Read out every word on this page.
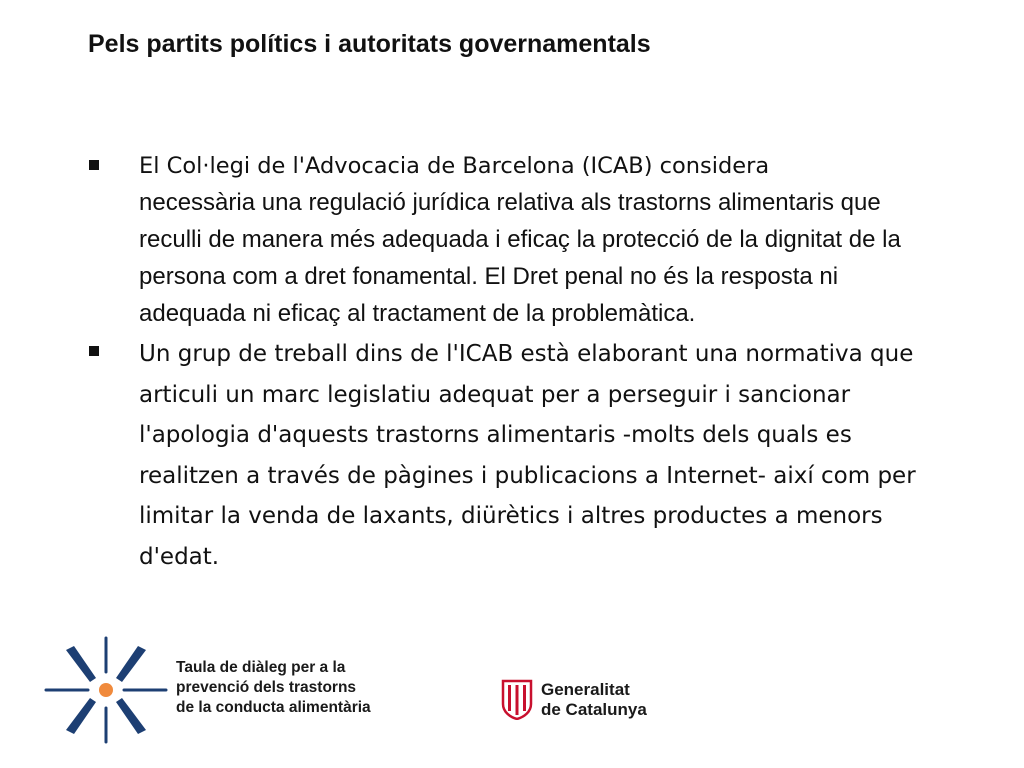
Pels partits polítics i autoritats governamentals
El Col·legi de l'Advocacia de Barcelona (ICAB) considera
necessària una regulació jurídica relativa als trastorns alimentaris que reculli de manera més adequada i eficaç la protecció de la dignitat de la persona com a dret fonamental. El Dret penal no és la resposta ni adequada ni eficaç al tractament de la problemàtica.
Un grup de treball dins de l'ICAB està elaborant una normativa que articuli un marc legislatiu adequat per a perseguir i sancionar l'apologia d'aquests trastorns alimentaris -molts dels quals es realitzen a través de pàgines i publicacions a Internet- així com per limitar la venda de laxants, diürètics i altres productes a menors d'edat.
Taula de diàleg per a la
prevenció dels trastorns
de la conducta alimentària
Generalitat
de Catalunya
